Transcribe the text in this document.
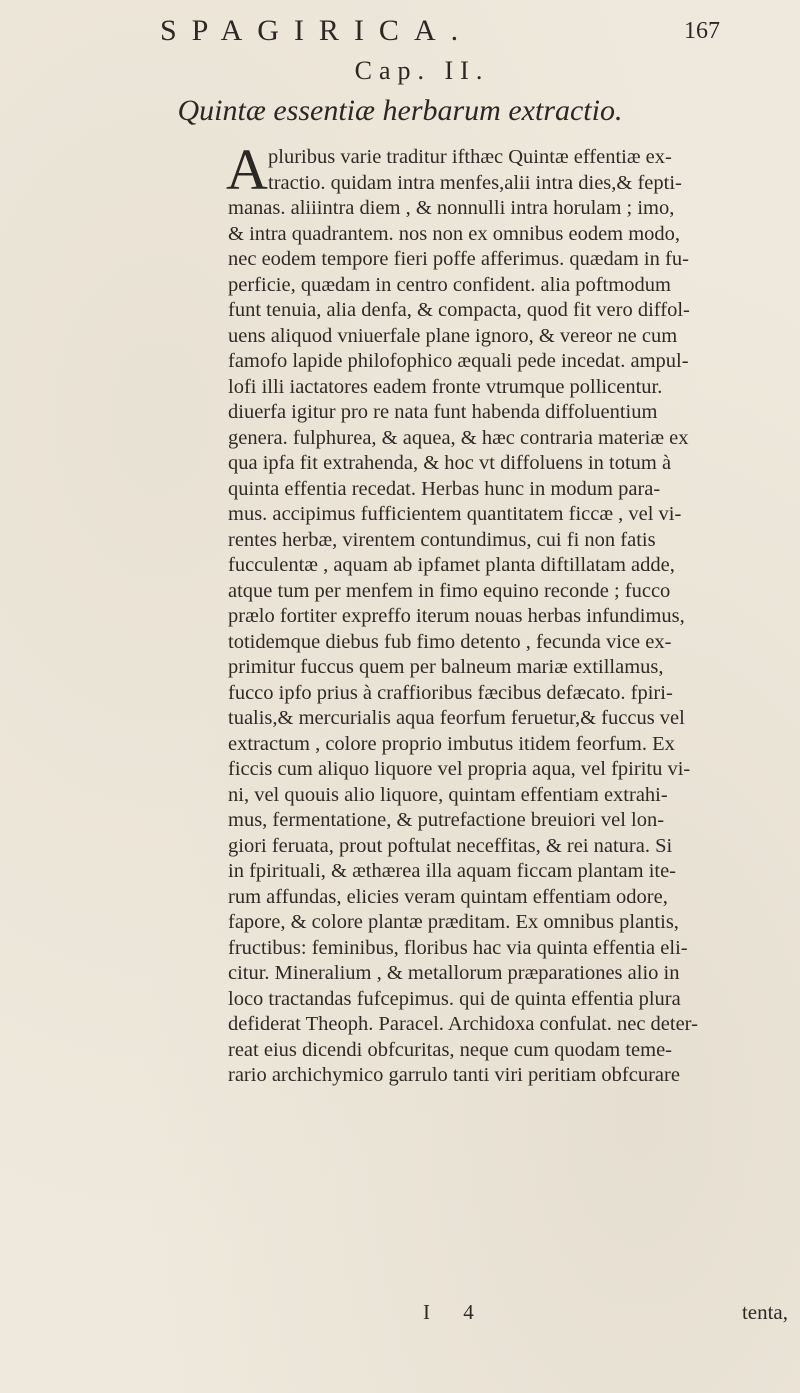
SPAGIRICA.	167
Cap. II.
Quintæ essentiæ herbarum extractio.
A pluribus varie traditur ifthæc Quintæ effentiæ ex-
tractio. quidam intra menfes,alii intra dies,& fepti-
manas. aliiintra diem , & nonnulli intra horulam ; imo,
& intra quadrantem. nos non ex omnibus eodem modo,
nec eodem tempore fieri poffe afferimus. quædam in fu-
perficie, quædam in centro confident. alia poftmodum
funt tenuia, alia denfa, & compacta, quod fit vero diffol-
uens aliquod vniuerfale plane ignoro, & vereor ne cum
famofo lapide philofophico æquali pede incedat. ampul-
lofi illi iactatores eadem fronte vtrumque pollicentur.
diuerfa igitur pro re nata funt habenda diffoluentium
genera. fulphurea, & aquea, & hæc contraria materiæ ex
qua ipfa fit extrahenda, & hoc vt diffoluens in totum à
quinta effentia recedat. Herbas hunc in modum para-
mus. accipimus fufficientem quantitatem ficcæ , vel vi-
rentes herbæ, virentem contundimus, cui fi non fatis
fucculentæ , aquam ab ipfamet planta diftillatam adde,
atque tum per menfem in fimo equino reconde ; fucco
prælo fortiter expreffo iterum nouas herbas infundimus,
totidemque diebus fub fimo detento , fecunda vice ex-
primitur fuccus quem per balneum mariæ extillamus,
fucco ipfo prius à craffioribus fæcibus defæcato. fpiri-
tualis,& mercurialis aqua feorfum feruetur,& fuccus vel
extractum , colore proprio imbutus itidem feorfum. Ex
ficcis cum aliquo liquore vel propria aqua, vel fpiritu vi-
ni, vel quouis alio liquore, quintam effentiam extrahi-
mus, fermentatione, & putrefactione breuiori vel lon-
giori feruata, prout poftulat neceffitas, & rei natura. Si
in fpirituali, & æthærea illa aquam ficcam plantam ite-
rum affundas, elicies veram quintam effentiam odore,
fapore, & colore plantæ præditam. Ex omnibus plantis,
fructibus: feminibus, floribus hac via quinta effentia eli-
citur. Mineralium , & metallorum præparationes alio in
loco tractandas fufcepimus. qui de quinta effentia plura
defiderat Theoph. Paracel. Archidoxa confulat. nec deter-
reat eius dicendi obfcuritas, neque cum quodam teme-
rario archichymico garrulo tanti viri peritiam obfcurare
I 4	tenta,
